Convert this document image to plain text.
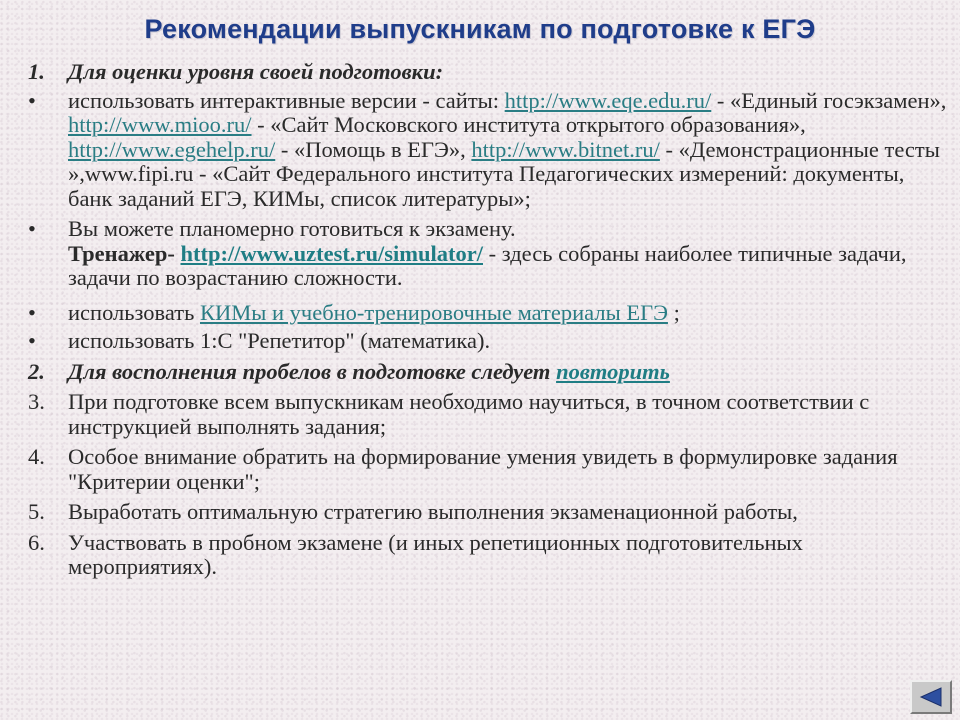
Рекомендации выпускникам по подготовке к ЕГЭ
1. Для оценки уровня своей подготовки:
• использовать интерактивные версии - сайты: http://www.eqe.edu.ru/ - «Единый госэкзамен», http://www.mioo.ru/ - «Сайт Московского института открытого образования», http://www.egehelp.ru/ - «Помощь в ЕГЭ», http://www.bitnet.ru/ - «Демонстрационные тесты »,www.fipi.ru - «Сайт Федерального института Педагогических измерений: документы, банк заданий ЕГЭ, КИМы, список литературы»;
• Вы можете планомерно готовиться к экзамену.
Тренажер- http://www.uztest.ru/simulator/ - здесь собраны наиболее типичные задачи, задачи по возрастанию сложности.
• использовать КИМы и учебно-тренировочные материалы ЕГЭ ;
• использовать 1:С "Репетитор" (математика).
2. Для восполнения пробелов в подготовке следует повторить
3. При подготовке всем выпускникам необходимо научиться, в точном соответствии с инструкцией выполнять задания;
4. Особое внимание обратить на формирование умения увидеть в формулировке задания "Критерии оценки";
5. Выработать оптимальную стратегию выполнения экзаменационной работы,
6. Участвовать в пробном экзамене (и иных репетиционных подготовительных мероприятиях).
